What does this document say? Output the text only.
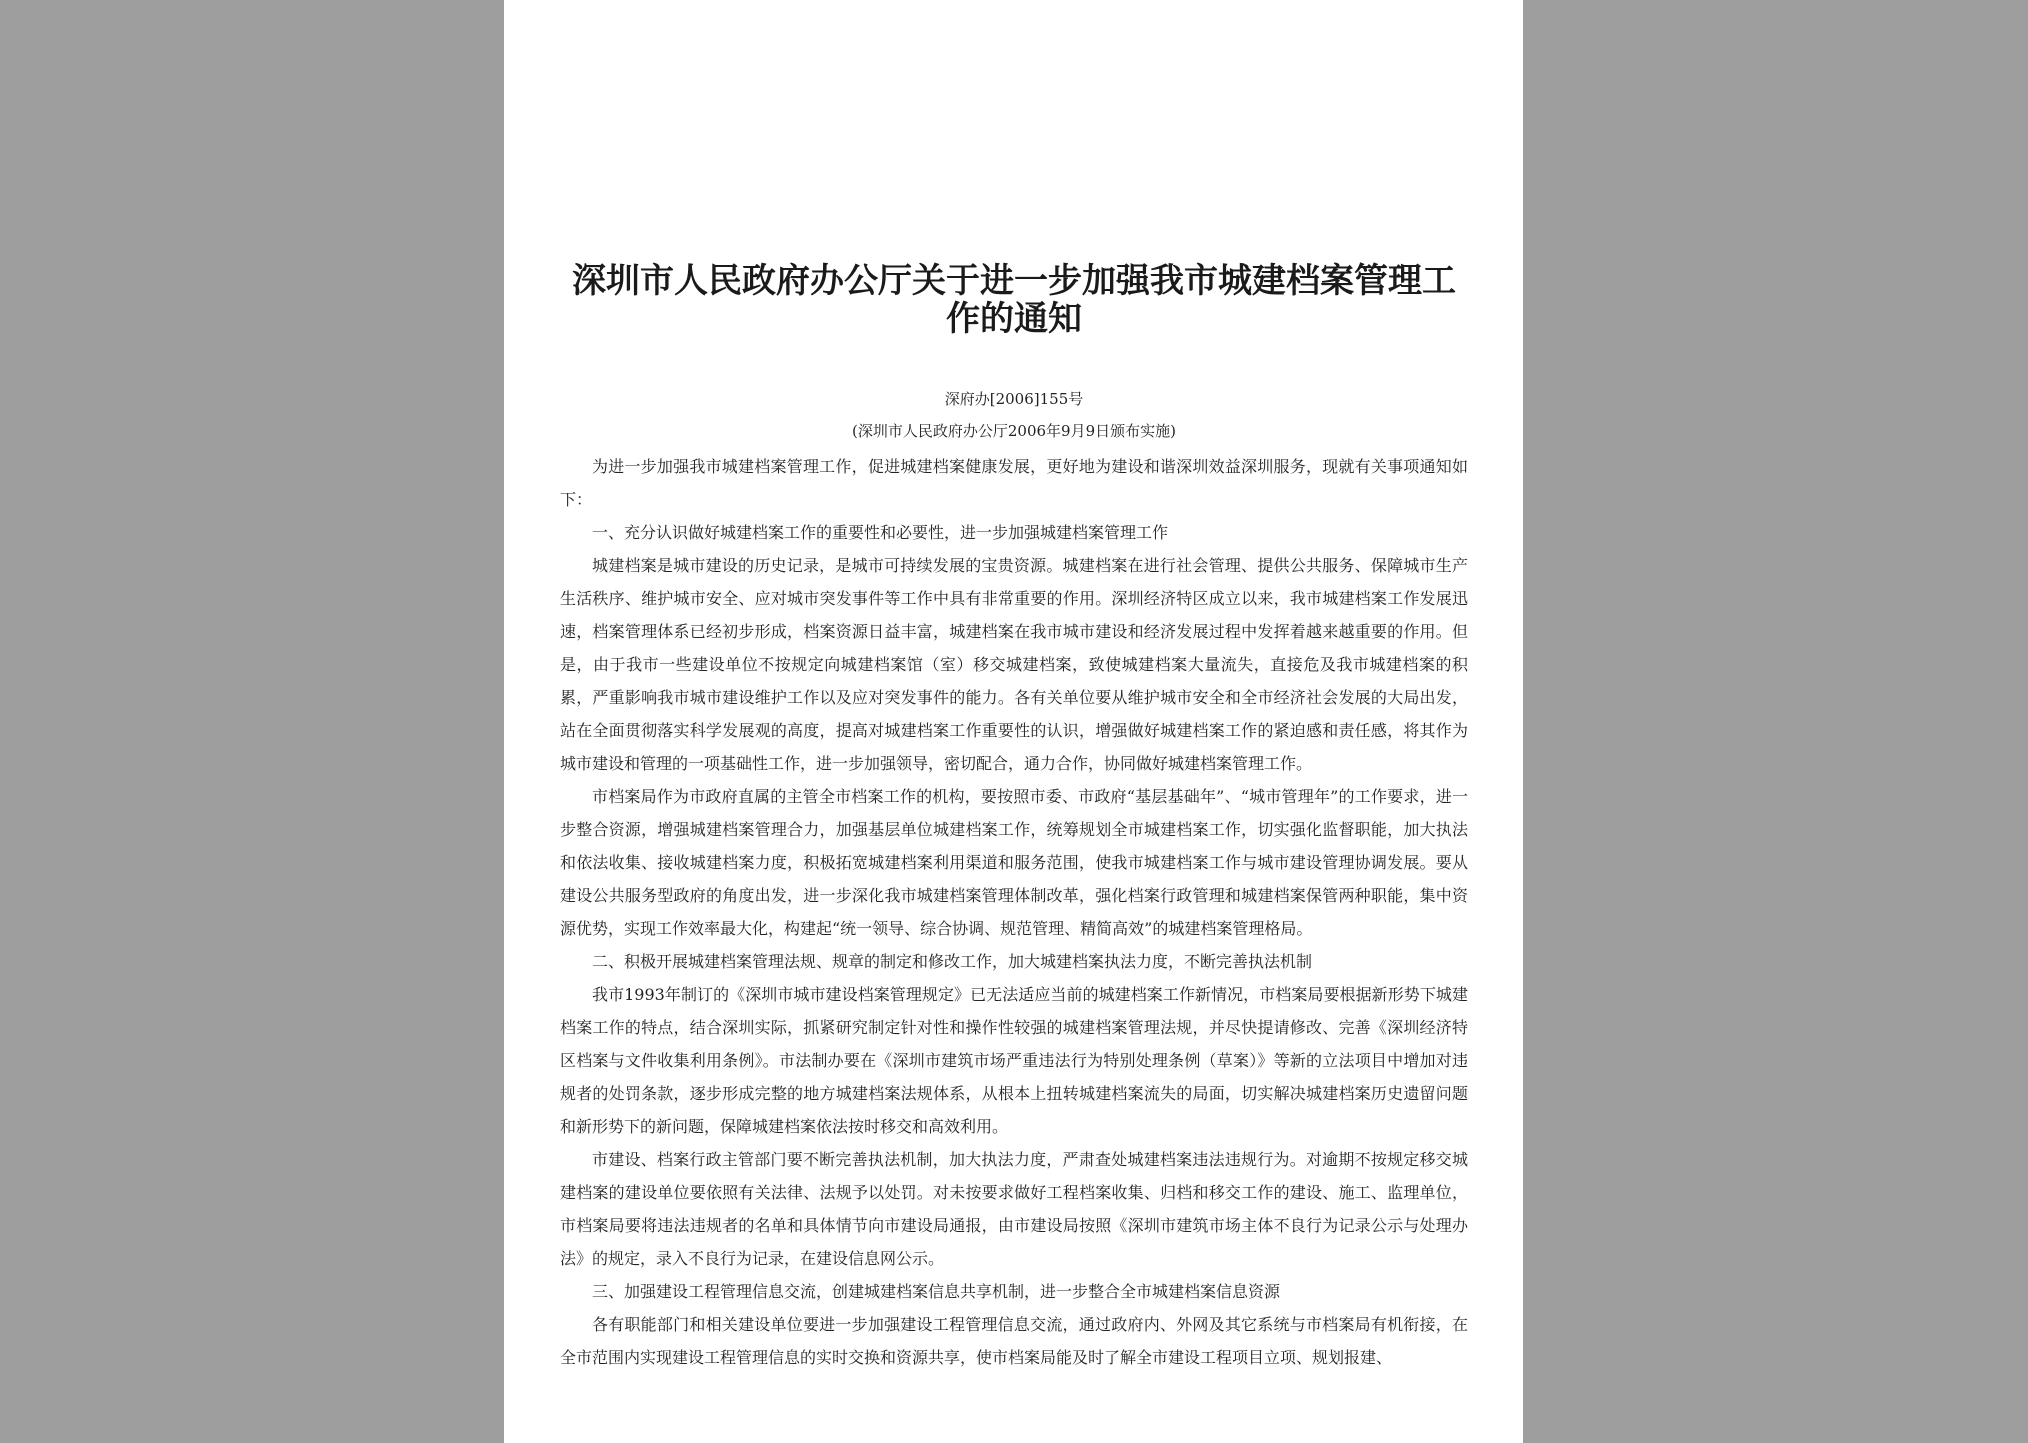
深圳市人民政府办公厅关于进一步加强我市城建档案管理工作的通知
深府办[2006]155号
(深圳市人民政府办公厅2006年9月9日颁布实施)

为进一步加强我市城建档案管理工作，促进城建档案健康发展，更好地为建设和谐深圳效益深圳服务，现就有关事项通知如下：

一、充分认识做好城建档案工作的重要性和必要性，进一步加强城建档案管理工作

城建档案是城市建设的历史记录，是城市可持续发展的宝贵资源。城建档案在进行社会管理、提供公共服务、保障城市生产生活秩序、维护城市安全、应对城市突发事件等工作中具有非常重要的作用。深圳经济特区成立以来，我市城建档案工作发展迅速，档案管理体系已经初步形成，档案资源日益丰富，城建档案在我市城市建设和经济发展过程中发挥着越来越重要的作用。但是，由于我市一些建设单位不按规定向城建档案馆（室）移交城建档案，致使城建档案大量流失，直接危及我市城建档案的积累，严重影响我市城市建设维护工作以及应对突发事件的能力。各有关单位要从维护城市安全和全市经济社会发展的大局出发，站在全面贯彻落实科学发展观的高度，提高对城建档案工作重要性的认识，增强做好城建档案工作的紧迫感和责任感，将其作为城市建设和管理的一项基础性工作，进一步加强领导，密切配合，通力合作，协同做好城建档案管理工作。

市档案局作为市政府直属的主管全市档案工作的机构，要按照市委、市政府“基层基础年”、“城市管理年”的工作要求，进一步整合资源，增强城建档案管理合力，加强基层单位城建档案工作，统筹规划全市城建档案工作，切实强化监督职能，加大执法和依法收集、接收城建档案力度，积极拓宽城建档案利用渠道和服务范围，使我市城建档案工作与城市建设管理协调发展。要从建设公共服务型政府的角度出发，进一步深化我市城建档案管理体制改革，强化档案行政管理和城建档案保管两种职能，集中资源优势，实现工作效率最大化，构建起“统一领导、综合协调、规范管理、精简高效”的城建档案管理格局。

二、积极开展城建档案管理法规、规章的制定和修改工作，加大城建档案执法力度，不断完善执法机制

我市1993年制订的《深圳市城市建设档案管理规定》已无法适应当前的城建档案工作新情况，市档案局要根据新形势下城建档案工作的特点，结合深圳实际，抓紧研究制定针对性和操作性较强的城建档案管理法规，并尽快提请修改、完善《深圳经济特区档案与文件收集利用条例》。市法制办要在《深圳市建筑市场严重违法行为特别处理条例（草案）》等新的立法项目中增加对违规者的处罚条款，逐步形成完整的地方城建档案法规体系，从根本上扭转城建档案流失的局面，切实解决城建档案历史遗留问题和新形势下的新问题，保障城建档案依法按时移交和高效利用。

市建设、档案行政主管部门要不断完善执法机制，加大执法力度，严肃查处城建档案违法违规行为。对逾期不按规定移交城建档案的建设单位要依照有关法律、法规予以处罚。对未按要求做好工程档案收集、归档和移交工作的建设、施工、监理单位，市档案局要将违法违规者的名单和具体情节向市建设局通报，由市建设局按照《深圳市建筑市场主体不良行为记录公示与处理办法》的规定，录入不良行为记录，在建设信息网公示。

三、加强建设工程管理信息交流，创建城建档案信息共享机制，进一步整合全市城建档案信息资源

各有职能部门和相关建设单位要进一步加强建设工程管理信息交流，通过政府内、外网及其它系统与市档案局有机衔接，在全市范围内实现建设工程管理信息的实时交换和资源共享，使市档案局能及时了解全市建设工程项目立项、规划报建、
